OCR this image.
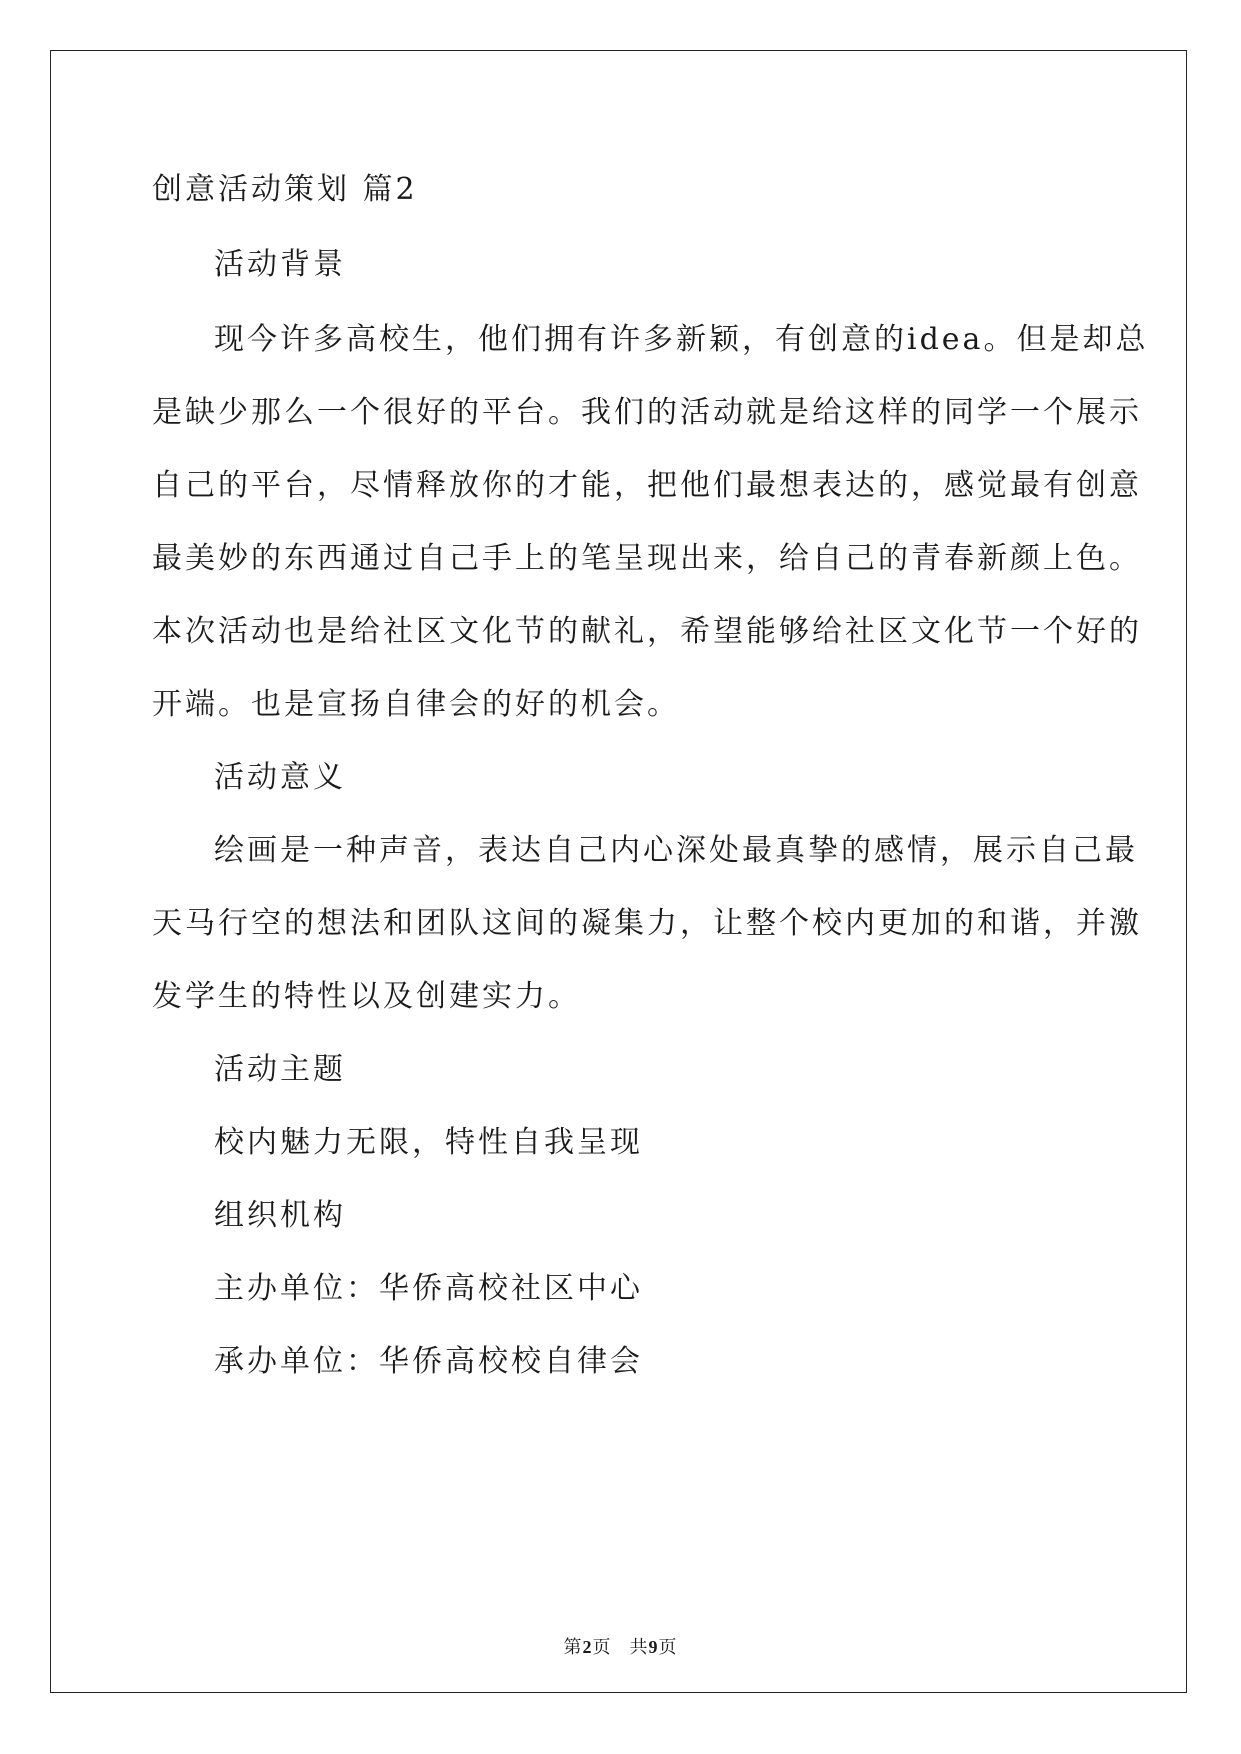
创意活动策划 篇2
活动背景
现今许多高校生，他们拥有许多新颖，有创意的idea。但是却总
是缺少那么一个很好的平台。我们的活动就是给这样的同学一个展示
自己的平台，尽情释放你的才能，把他们最想表达的，感觉最有创意
最美妙的东西通过自己手上的笔呈现出来，给自己的青春新颜上色。
本次活动也是给社区文化节的献礼，希望能够给社区文化节一个好的
开端。也是宣扬自律会的好的机会。
活动意义
绘画是一种声音，表达自己内心深处最真挚的感情，展示自己最
天马行空的想法和团队这间的凝集力，让整个校内更加的和谐，并激
发学生的特性以及创建实力。
活动主题
校内魅力无限，特性自我呈现
组织机构
主办单位：华侨高校社区中心
承办单位：华侨高校校自律会
第2页 共9页
